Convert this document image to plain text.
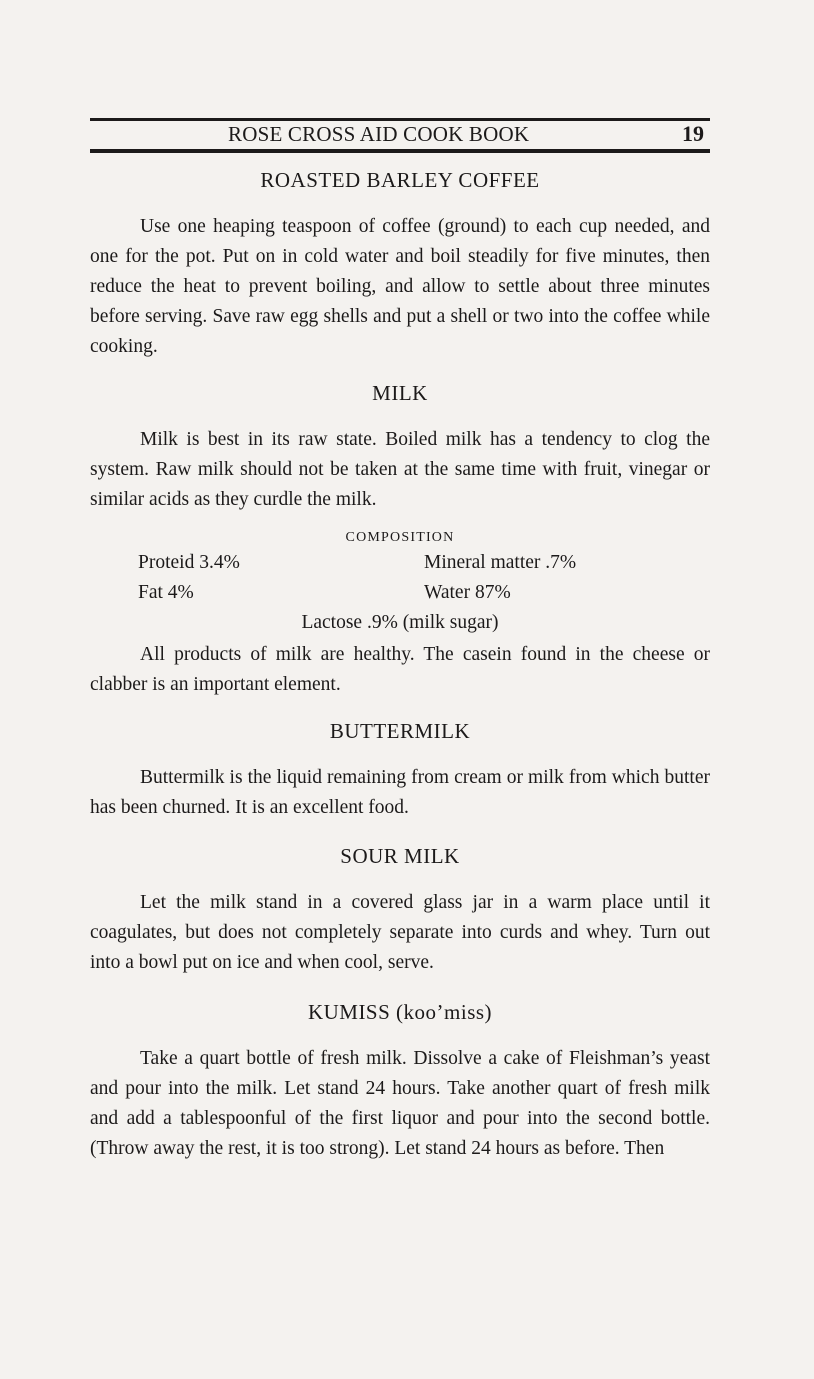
ROSE CROSS AID COOK BOOK	19
ROASTED BARLEY COFFEE

Use one heaping teaspoon of coffee (ground) to each cup needed, and one for the pot. Put on in cold water and boil steadily for five minutes, then reduce the heat to prevent boiling, and allow to settle about three minutes before serving. Save raw egg shells and put a shell or two into the coffee while cooking.

MILK

Milk is best in its raw state. Boiled milk has a tendency to clog the system. Raw milk should not be taken at the same time with fruit, vinegar or similar acids as they curdle the milk.

COMPOSITION
Proteid 3.4%	Mineral matter .7%
Fat 4%	Water 87%
Lactose .9% (milk sugar)

All products of milk are healthy. The casein found in the cheese or clabber is an important element.

BUTTERMILK

Buttermilk is the liquid remaining from cream or milk from which butter has been churned. It is an excellent food.

SOUR MILK

Let the milk stand in a covered glass jar in a warm place until it coagulates, but does not completely separate into curds and whey. Turn out into a bowl put on ice and when cool, serve.

KUMISS (koo’miss)

Take a quart bottle of fresh milk. Dissolve a cake of Fleishman’s yeast and pour into the milk. Let stand 24 hours. Take another quart of fresh milk and add a tablespoonful of the first liquor and pour into the second bottle. (Throw away the rest, it is too strong). Let stand 24 hours as before. Then
